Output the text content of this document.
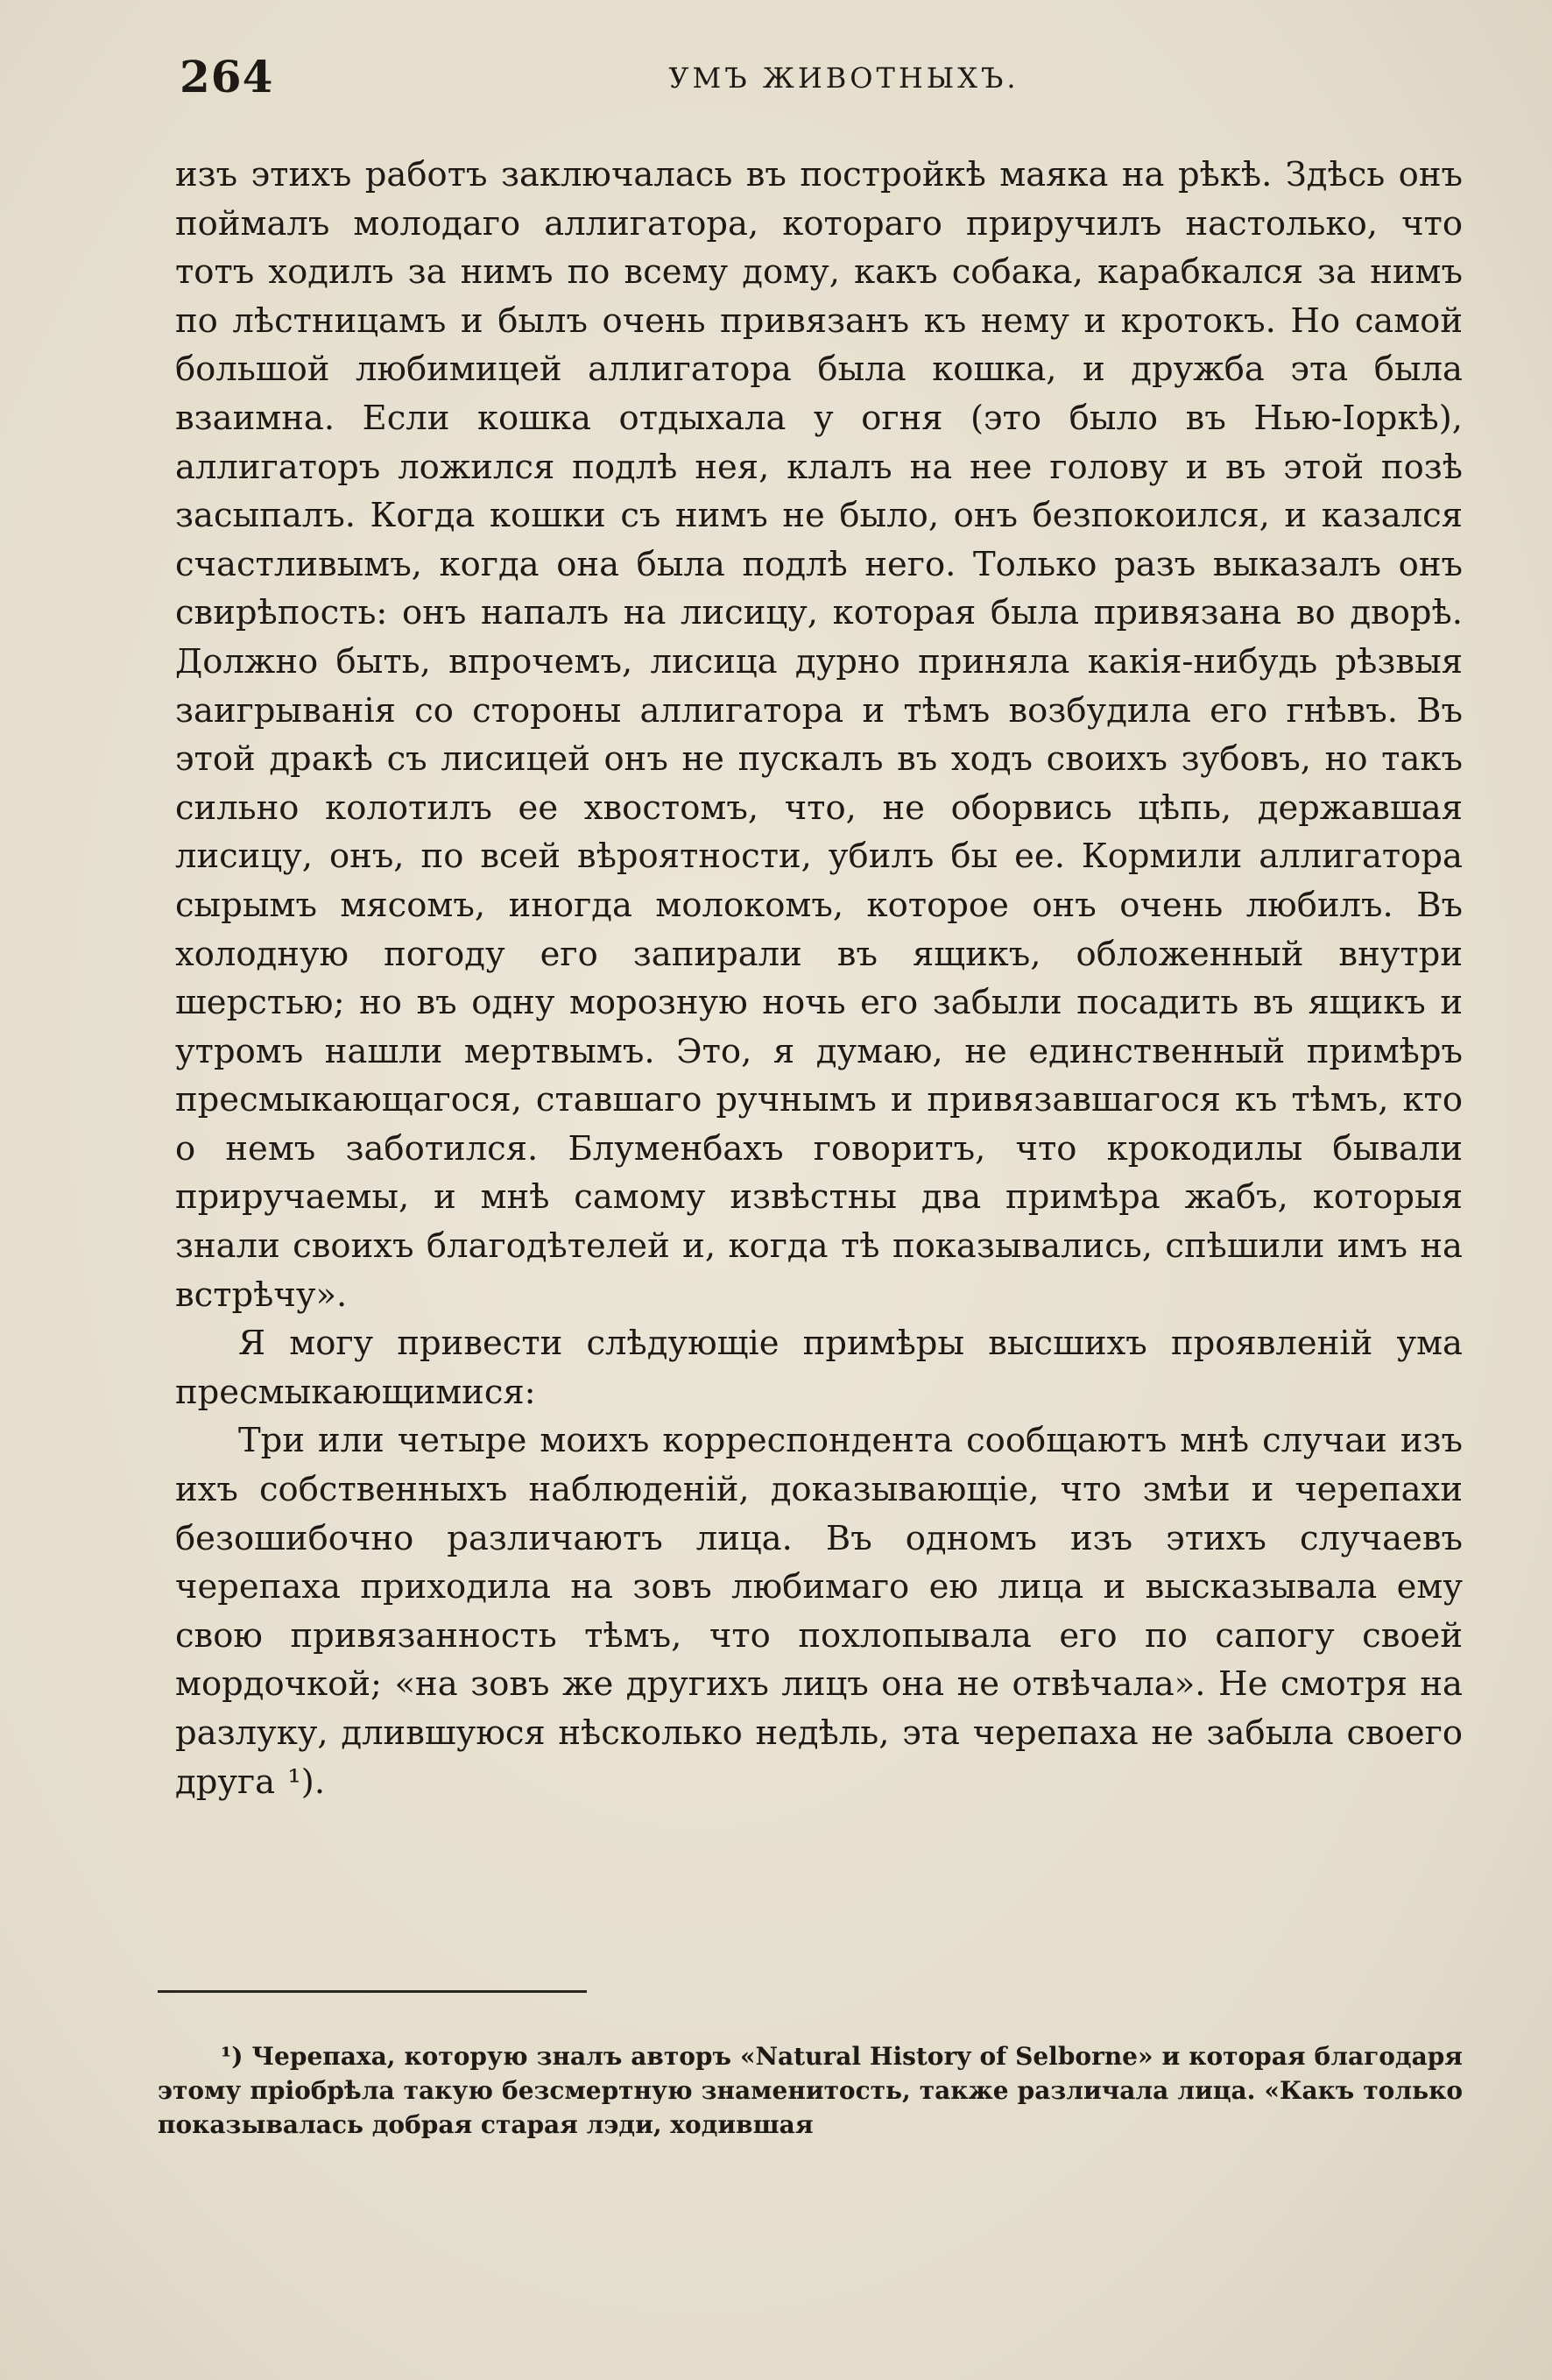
264	УМЪ ЖИВОТНЫХЪ.

изъ этихъ работъ заключалась въ постройкѣ маяка на рѣкѣ. Здѣсь онъ поймалъ молодаго аллигатора, котораго приручилъ настолько, что тотъ ходилъ за нимъ по всему дому, какъ собака, карабкался за нимъ по лѣстницамъ и былъ очень привязанъ къ нему и кротокъ. Но самой большой любимицей аллигатора была кошка, и дружба эта была взаимна. Если кошка отдыхала у огня (это было въ Нью-Іоркѣ), аллигаторъ ложился подлѣ нея, клалъ на нее голову и въ этой позѣ засыпалъ. Когда кошки съ нимъ не было, онъ безпокоился, и казался счастливымъ, когда она была подлѣ него. Только разъ выказалъ онъ свирѣпость: онъ напалъ на лисицу, которая была привязана во дворѣ. Должно быть, впрочемъ, лисица дурно приняла какія-нибудь рѣзвыя заигрыванія со стороны аллигатора и тѣмъ возбудила его гнѣвъ. Въ этой дракѣ съ лисицей онъ не пускалъ въ ходъ своихъ зубовъ, но такъ сильно колотилъ ее хвостомъ, что, не оборвись цѣпь, державшая лисицу, онъ, по всей вѣроятности, убилъ бы ее. Кормили аллигатора сырымъ мясомъ, иногда молокомъ, которое онъ очень любилъ. Въ холодную погоду его запирали въ ящикъ, обложенный внутри шерстью; но въ одну морозную ночь его забыли посадить въ ящикъ и утромъ нашли мертвымъ. Это, я думаю, не единственный примѣръ пресмыкающагося, ставшаго ручнымъ и привязавшагося къ тѣмъ, кто о немъ заботился. Блуменбахъ говоритъ, что крокодилы бывали приручаемы, и мнѣ самому извѣстны два примѣра жабъ, которыя знали своихъ благодѣтелей и, когда тѣ показывались, спѣшили имъ на встрѣчу».

Я могу привести слѣдующіе примѣры высшихъ проявленій ума пресмыкающимися:

Три или четыре моихъ корреспондента сообщаютъ мнѣ случаи изъ ихъ собственныхъ наблюденій, доказывающіе, что змѣи и черепахи безошибочно различаютъ лица. Въ одномъ изъ этихъ случаевъ черепаха приходила на зовъ любимаго ею лица и высказывала ему свою привязанность тѣмъ, что похлопывала его по сапогу своей мордочкой; «на зовъ же другихъ лицъ она не отвѣчала». Не смотря на разлуку, длившуюся нѣсколько недѣль, эта черепаха не забыла своего друга ¹).

¹) Черепаха, которую зналъ авторъ «Natural History of Selborne» и которая благодаря этому пріобрѣла такую безсмертную знаменитость, также различала лица. «Какъ только показывалась добрая старая лэди, ходившая
